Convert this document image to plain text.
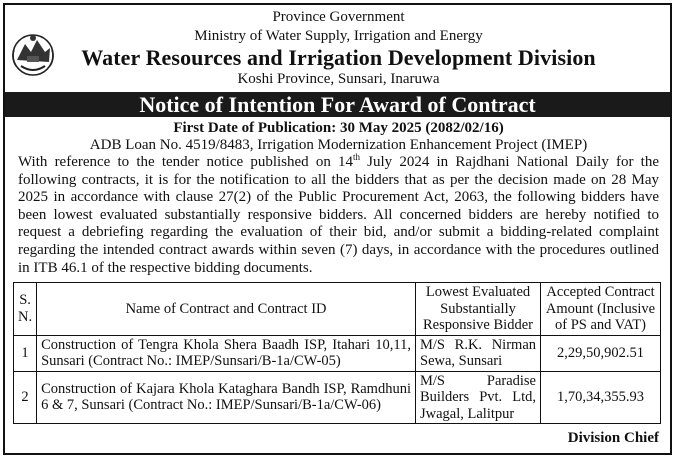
Province Government
Ministry of Water Supply, Irrigation and Energy
Water Resources and Irrigation Development Division
Koshi Province, Sunsari, Inaruwa
Notice of Intention For Award of Contract
First Date of Publication: 30 May 2025 (2082/02/16)
ADB Loan No. 4519/8483, Irrigation Modernization Enhancement Project (IMEP)
With reference to the tender notice published on 14th July 2024 in Rajdhani National Daily for the following contracts, it is for the notification to all the bidders that as per the decision made on 28 May 2025 in accordance with clause 27(2) of the Public Procurement Act, 2063, the following bidders have been lowest evaluated substantially responsive bidders. All concerned bidders are hereby notified to request a debriefing regarding the evaluation of their bid, and/or submit a bidding-related complaint regarding the intended contract awards within seven (7) days, in accordance with the procedures outlined in ITB 46.1 of the respective bidding documents.
S. N.	Name of Contract and Contract ID	Lowest Evaluated Substantially Responsive Bidder	Accepted Contract Amount (Inclusive of PS and VAT)
1	Construction of Tengra Khola Shera Baadh ISP, Itahari 10,11, Sunsari (Contract No.: IMEP/Sunsari/B-1a/CW-05)	M/S R.K. Nirman Sewa, Sunsari	2,29,50,902.51
2	Construction of Kajara Khola Kataghara Bandh ISP, Ramdhuni 6 & 7, Sunsari (Contract No.: IMEP/Sunsari/B-1a/CW-06)	M/S Paradise Builders Pvt. Ltd, Jwagal, Lalitpur	1,70,34,355.93
Division Chief
